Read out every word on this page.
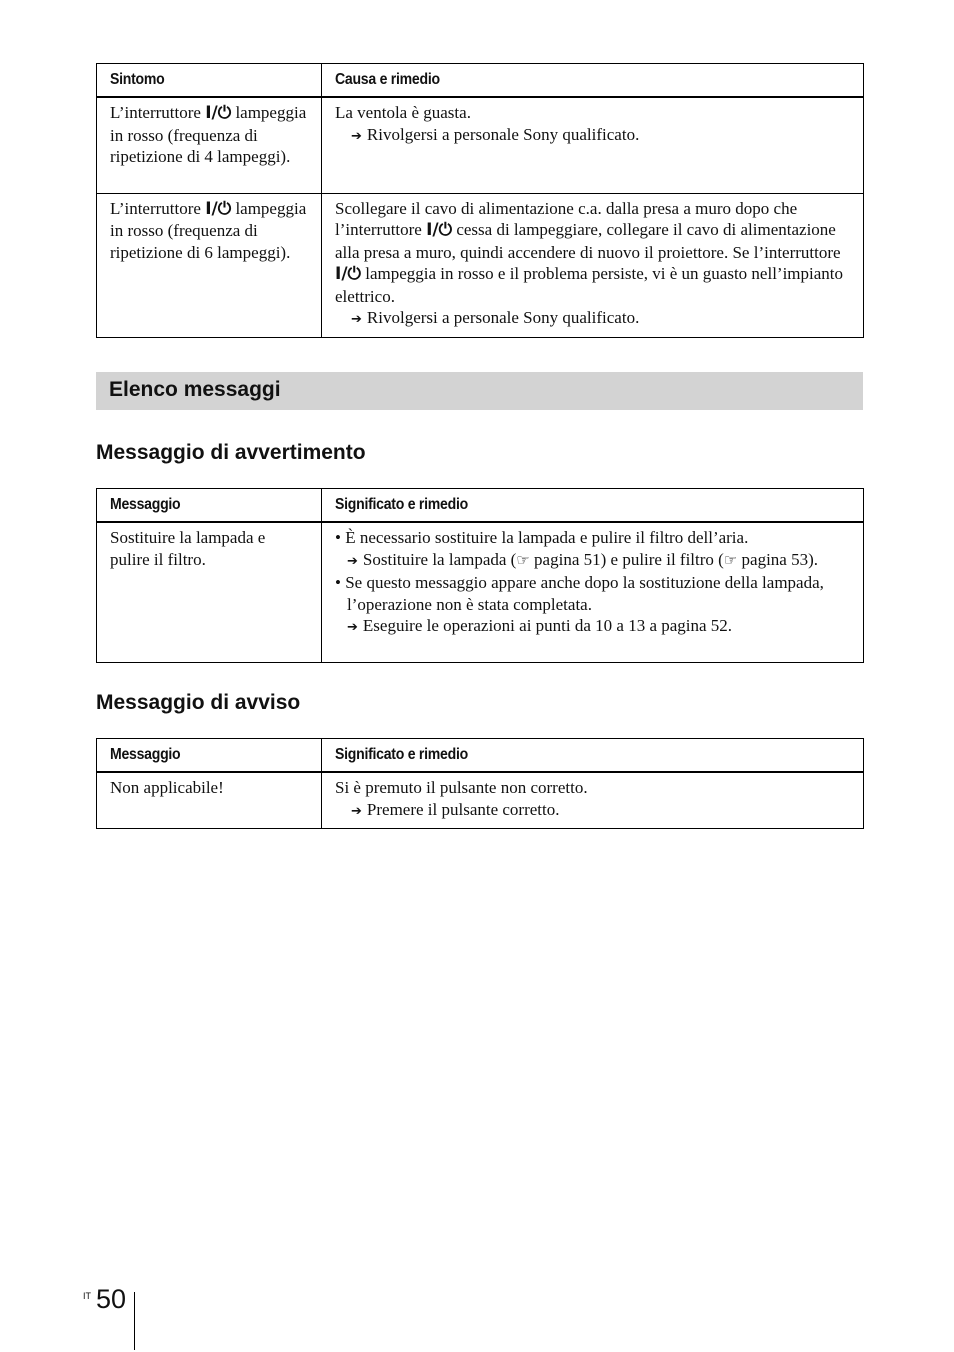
Sintomo	Causa e rimedio
L’interruttore I/⏻ lampeggia in rosso (frequenza di ripetizione di 4 lampeggi).	La ventola è guasta.
➔ Rivolgersi a personale Sony qualificato.

L’interruttore I/⏻ lampeggia in rosso (frequenza di ripetizione di 6 lampeggi).	Scollegare il cavo di alimentazione c.a. dalla presa a muro dopo che l’interruttore I/⏻ cessa di lampeggiare, collegare il cavo di alimentazione alla presa a muro, quindi accendere di nuovo il proiettore. Se l’interruttore I/⏻ lampeggia in rosso e il problema persiste, vi è un guasto nell’impianto elettrico.
➔ Rivolgersi a personale Sony qualificato.
Elenco messaggi
Messaggio di avvertimento
Messaggio	Significato e rimedio
Sostituire la lampada e pulire il filtro.	• È necessario sostituire la lampada e pulire il filtro dell’aria.
➔ Sostituire la lampada (☞ pagina 51) e pulire il filtro (☞ pagina 53).
• Se questo messaggio appare anche dopo la sostituzione della lampada, l’operazione non è stata completata.
➔ Eseguire le operazioni ai punti da 10 a 13 a pagina 52.
Messaggio di avviso
Messaggio	Significato e rimedio
Non applicabile!	Si è premuto il pulsante non corretto.
➔ Premere il pulsante corretto.
IT 50
